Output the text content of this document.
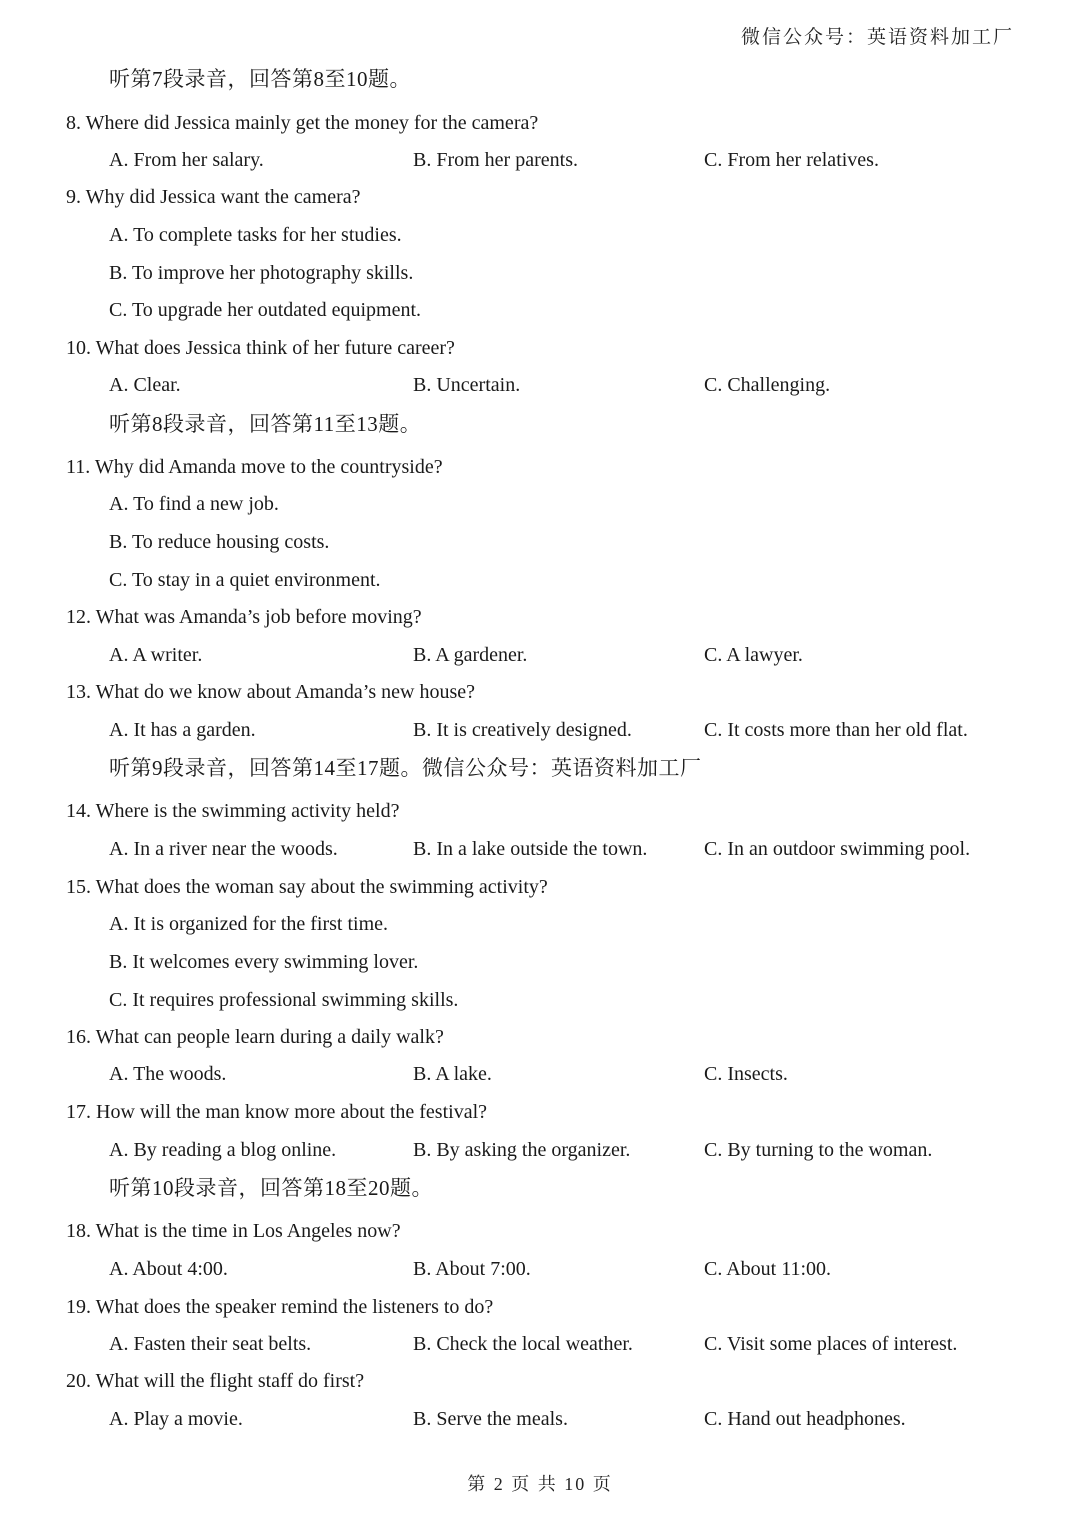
微信公众号：英语资料加工厂
听第7段录音，回答第8至10题。
8. Where did Jessica mainly get the money for the camera?
A. From her salary.	B. From her parents.	C. From her relatives.
9. Why did Jessica want the camera?
A. To complete tasks for her studies.
B. To improve her photography skills.
C. To upgrade her outdated equipment.
10. What does Jessica think of her future career?
A. Clear.	B. Uncertain.	C. Challenging.
听第8段录音，回答第11至13题。
11. Why did Amanda move to the countryside?
A. To find a new job.
B. To reduce housing costs.
C. To stay in a quiet environment.
12. What was Amanda’s job before moving?
A. A writer.	B. A gardener.	C. A lawyer.
13. What do we know about Amanda’s new house?
A. It has a garden.	B. It is creatively designed.	C. It costs more than her old flat.
听第9段录音，回答第14至17题。微信公众号：英语资料加工厂
14. Where is the swimming activity held?
A. In a river near the woods.	B. In a lake outside the town.	C. In an outdoor swimming pool.
15. What does the woman say about the swimming activity?
A. It is organized for the first time.
B. It welcomes every swimming lover.
C. It requires professional swimming skills.
16. What can people learn during a daily walk?
A. The woods.	B. A lake.	C. Insects.
17. How will the man know more about the festival?
A. By reading a blog online.	B. By asking the organizer.	C. By turning to the woman.
听第10段录音，回答第18至20题。
18. What is the time in Los Angeles now?
A. About 4:00.	B. About 7:00.	C. About 11:00.
19. What does the speaker remind the listeners to do?
A. Fasten their seat belts.	B. Check the local weather.	C. Visit some places of interest.
20. What will the flight staff do first?
A. Play a movie.	B. Serve the meals.	C. Hand out headphones.
第 2 页 共 10 页
